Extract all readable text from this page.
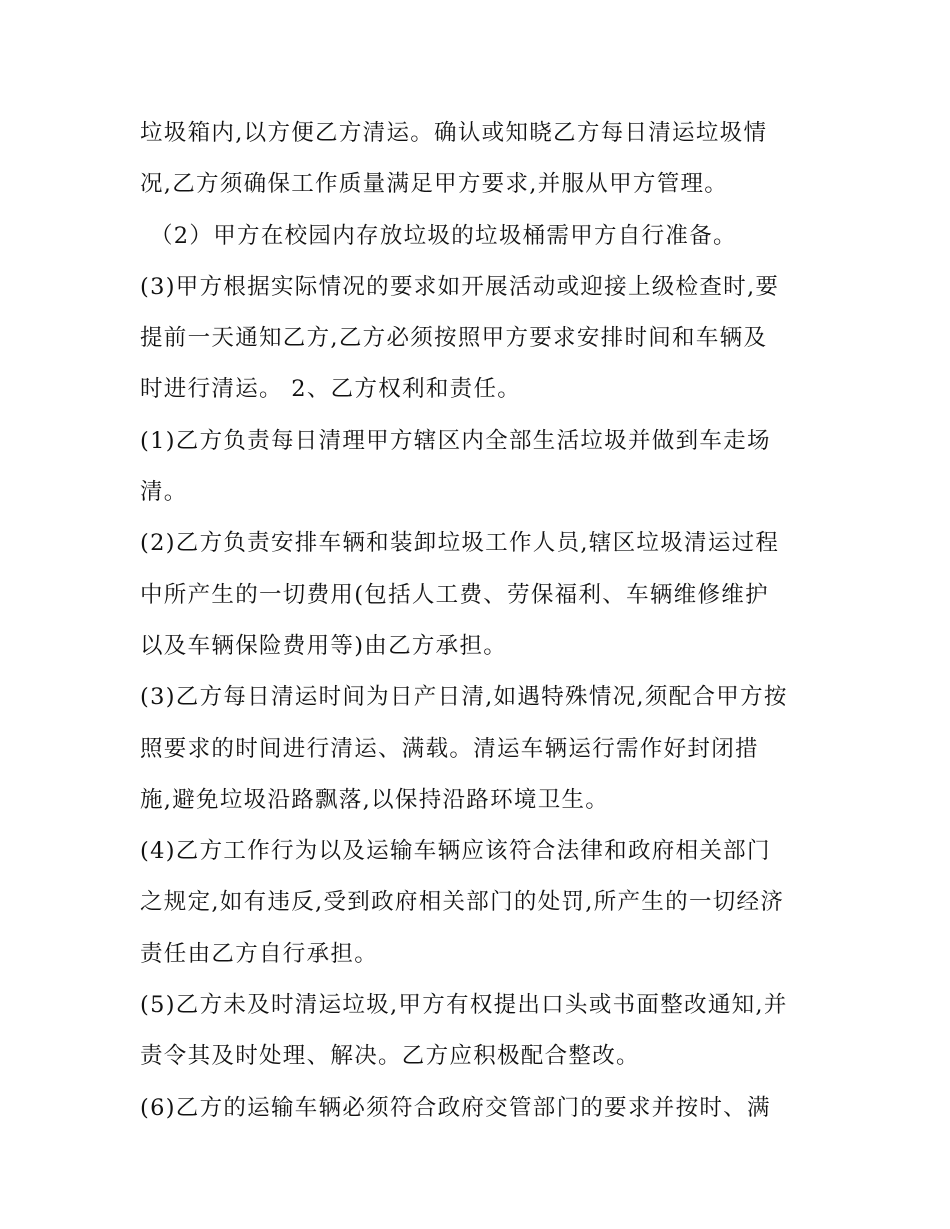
垃圾箱内,以方便乙方清运。确认或知晓乙方每日清运垃圾情
况,乙方须确保工作质量满足甲方要求,并服从甲方管理。
（2）甲方在校园内存放垃圾的垃圾桶需甲方自行准备。
(3)甲方根据实际情况的要求如开展活动或迎接上级检查时,要
提前一天通知乙方,乙方必须按照甲方要求安排时间和车辆及
时进行清运。 2、乙方权利和责任。
(1)乙方负责每日清理甲方辖区内全部生活垃圾并做到车走场
清。
(2)乙方负责安排车辆和装卸垃圾工作人员,辖区垃圾清运过程
中所产生的一切费用(包括人工费、劳保福利、车辆维修维护
以及车辆保险费用等)由乙方承担。
(3)乙方每日清运时间为日产日清,如遇特殊情况,须配合甲方按
照要求的时间进行清运、满载。清运车辆运行需作好封闭措
施,避免垃圾沿路飘落,以保持沿路环境卫生。
(4)乙方工作行为以及运输车辆应该符合法律和政府相关部门
之规定,如有违反,受到政府相关部门的处罚,所产生的一切经济
责任由乙方自行承担。
(5)乙方未及时清运垃圾,甲方有权提出口头或书面整改通知,并
责令其及时处理、解决。乙方应积极配合整改。
(6)乙方的运输车辆必须符合政府交管部门的要求并按时、满
